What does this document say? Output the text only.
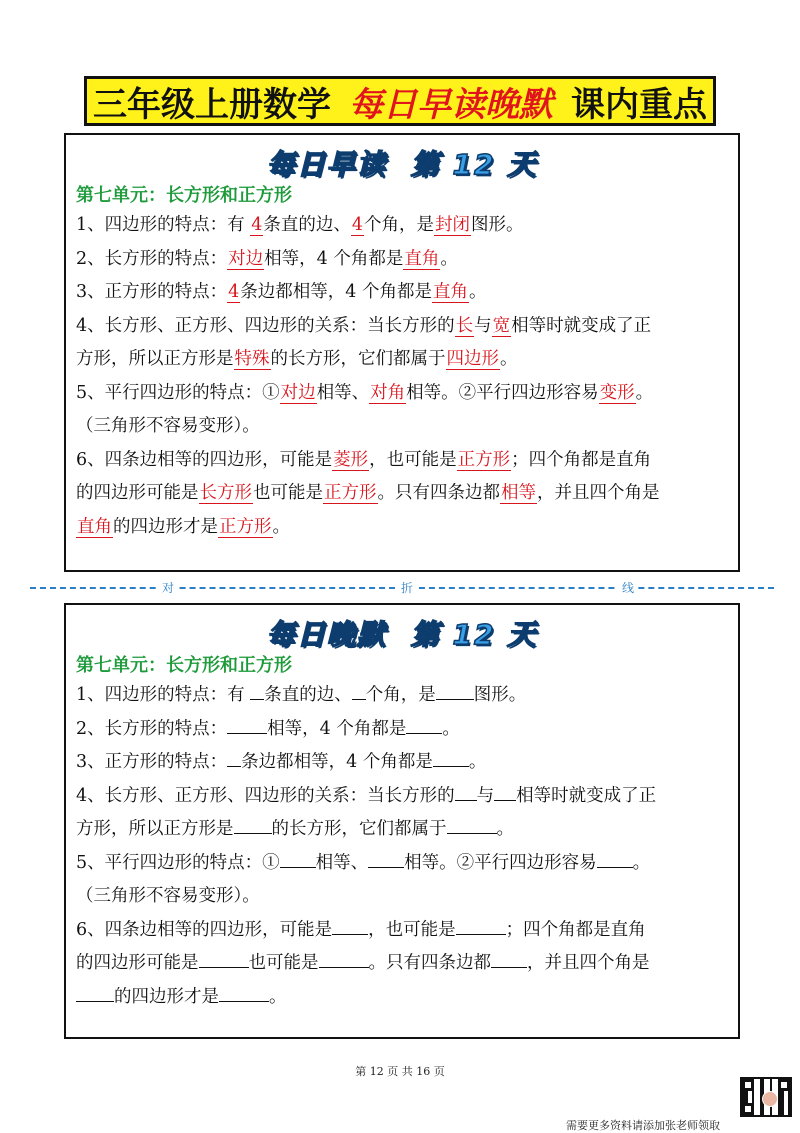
三年级上册数学 每日早读晚默 课内重点
每日早读 第 12 天
第七单元：长方形和正方形
1、四边形的特点：有 4条直的边、4个角，是封闭图形。
2、长方形的特点：对边相等，4 个角都是直角。
3、正方形的特点：4条边都相等，4 个角都是直角。
4、长方形、正方形、四边形的关系：当长方形的长与宽相等时就变成了正
方形，所以正方形是特殊的长方形，它们都属于四边形。
5、平行四边形的特点：①对边相等、对角相等。②平行四边形容易变形。
（三角形不容易变形）。
6、四条边相等的四边形，可能是菱形，也可能是正方形；四个角都是直角
的四边形可能是长方形也可能是正方形。只有四条边都相等，并且四个角是
直角的四边形才是正方形。
对	折	线
每日晚默 第 12 天
第七单元：长方形和正方形
1、四边形的特点：有 条直的边、 个角，是 图形。
2、长方形的特点： 相等，4 个角都是 。
3、正方形的特点： 条边都相等，4 个角都是 。
4、长方形、正方形、四边形的关系：当长方形的 与 相等时就变成了正
方形，所以正方形是 的长方形，它们都属于	。
5、平行四边形的特点：① 相等、 相等。②平行四边形容易 。
（三角形不容易变形）。
6、四条边相等的四边形，可能是 ，也可能是	；四个角都是直角
的四边形可能是	也可能是	。只有四条边都 ，并且四个角是
的四边形才是	。
第 12 页 共 16 页
需要更多资料请添加张老师领取
